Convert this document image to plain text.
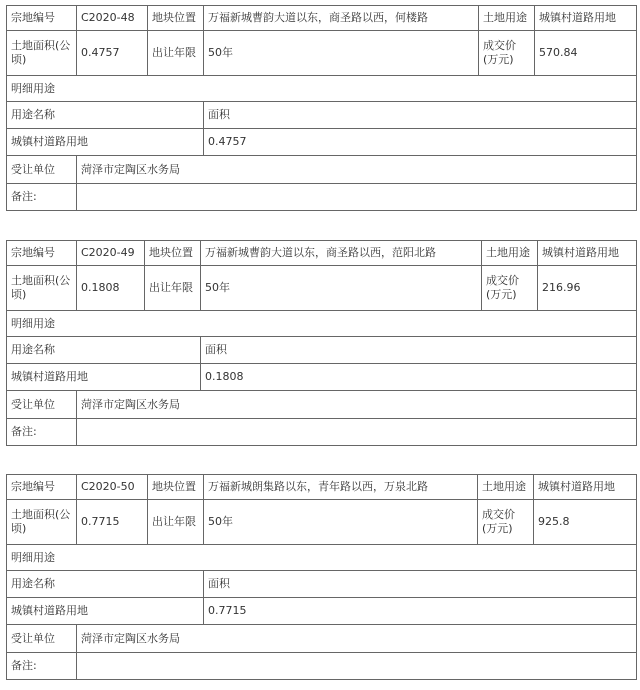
宗地编号	C2020-48	地块位置	万福新城曹韵大道以东，商圣路以西，何楼路	土地用途	城镇村道路用地
土地面积(公顷)	0.4757	出让年限	50年	成交价(万元)	570.84
明细用途					
用途名称			面积		
城镇村道路用地			0.4757		
受让单位	菏泽市定陶区水务局				
备注:					
宗地编号	C2020-49	地块位置	万福新城曹韵大道以东，商圣路以西，范阳北路	土地用途	城镇村道路用地
土地面积(公顷)	0.1808	出让年限	50年	成交价(万元)	216.96
明细用途					
用途名称			面积		
城镇村道路用地			0.1808		
受让单位	菏泽市定陶区水务局				
备注:					
宗地编号	C2020-50	地块位置	万福新城朗集路以东，青年路以西，万泉北路	土地用途	城镇村道路用地
土地面积(公顷)	0.7715	出让年限	50年	成交价(万元)	925.8
明细用途					
用途名称			面积		
城镇村道路用地			0.7715		
受让单位	菏泽市定陶区水务局				
备注:					
